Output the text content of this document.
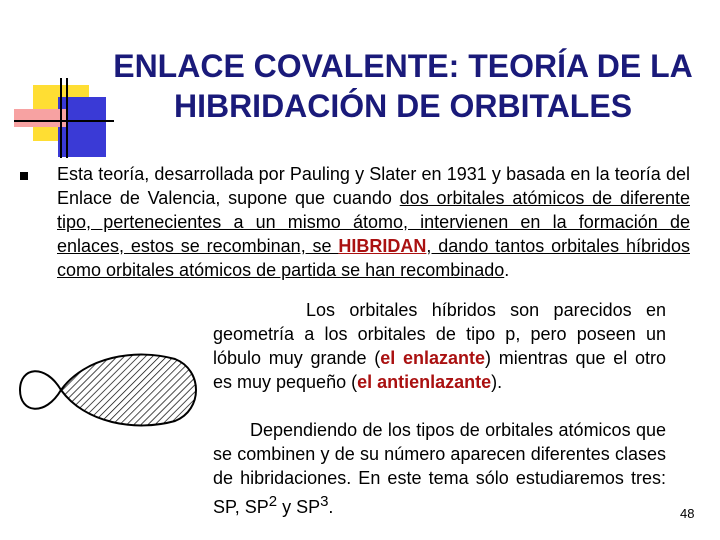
ENLACE COVALENTE: TEORÍA DE LA HIBRIDACIÓN DE ORBITALES

Esta teoría, desarrollada por Pauling y Slater en 1931 y basada en la teoría del Enlace de Valencia, supone que cuando dos orbitales atómicos de diferente tipo, pertenecientes a un mismo átomo, intervienen en la formación de enlaces, estos se recombinan, se HIBRIDAN, dando tantos orbitales híbridos como orbitales atómicos de partida se han recombinado.

Los orbitales híbridos son parecidos en geometría a los orbitales de tipo p, pero poseen un lóbulo muy grande (el enlazante) mientras que el otro es muy pequeño (el antienlazante).

Dependiendo de los tipos de orbitales atómicos que se combinen y de su número aparecen diferentes clases de hibridaciones. En este tema sólo estudiaremos tres: SP, $SP^2$ y $SP^3$.	48
